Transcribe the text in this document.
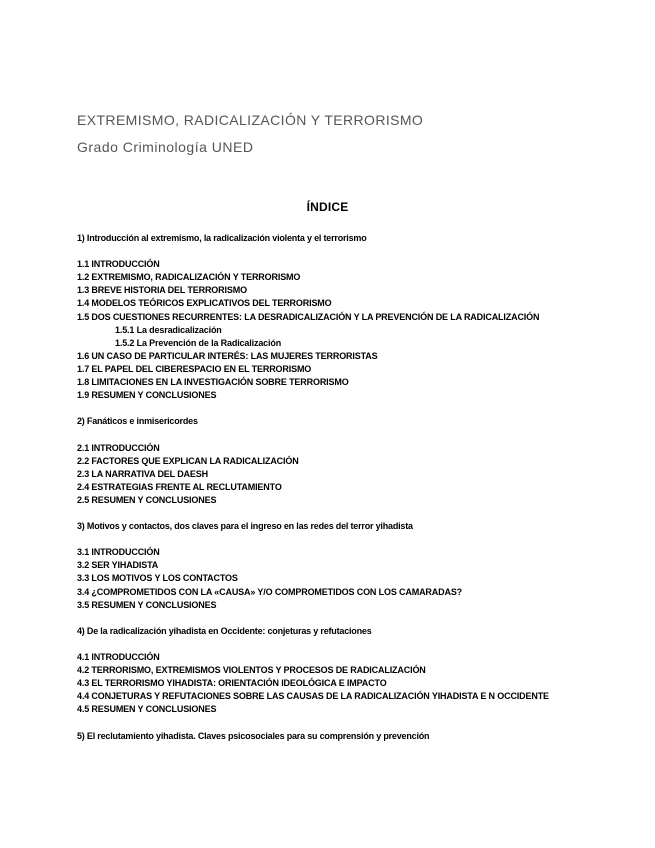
EXTREMISMO, RADICALIZACIÓN Y TERRORISMO
Grado Criminología UNED
ÍNDICE
1) Introducción al extremismo, la radicalización violenta y el terrorismo
1.1 INTRODUCCIÓN
1.2 EXTREMISMO, RADICALIZACIÓN Y TERRORISMO
1.3 BREVE HISTORIA DEL TERRORISMO
1.4 MODELOS TEÓRICOS EXPLICATIVOS DEL TERRORISMO
1.5 DOS CUESTIONES RECURRENTES: LA DESRADICALIZACIÓN Y LA PREVENCIÓN DE LA RADICALIZACIÓN
1.5.1 La desradicalización
1.5.2 La Prevención de la Radicalización
1.6 UN CASO DE PARTICULAR INTERÉS: LAS MUJERES TERRORISTAS
1.7 EL PAPEL DEL CIBERESPACIO EN EL TERRORISMO
1.8 LIMITACIONES EN LA INVESTIGACIÓN SOBRE TERRORISMO
1.9 RESUMEN Y CONCLUSIONES
2) Fanáticos e inmisericordes
2.1 INTRODUCCIÓN
2.2 FACTORES QUE EXPLICAN LA RADICALIZACIÓN
2.3 LA NARRATIVA DEL DAESH
2.4 ESTRATEGIAS FRENTE AL RECLUTAMIENTO
2.5 RESUMEN Y CONCLUSIONES
3) Motivos y contactos, dos claves para el ingreso en las redes del terror yihadista
3.1 INTRODUCCIÓN
3.2 SER YIHADISTA
3.3 LOS MOTIVOS Y LOS CONTACTOS
3.4 ¿COMPROMETIDOS CON LA «CAUSA» Y/O COMPROMETIDOS CON LOS CAMARADAS?
3.5 RESUMEN Y CONCLUSIONES
4) De la radicalización yihadista en Occidente: conjeturas y refutaciones
4.1 INTRODUCCIÓN
4.2 TERRORISMO, EXTREMISMOS VIOLENTOS Y PROCESOS DE RADICALIZACIÓN
4.3 EL TERRORISMO YIHADISTA: ORIENTACIÓN IDEOLÓGICA E IMPACTO
4.4 CONJETURAS Y REFUTACIONES SOBRE LAS CAUSAS DE LA RADICALIZACIÓN YIHADISTA E N OCCIDENTE
4.5 RESUMEN Y CONCLUSIONES
5) El reclutamiento yihadista. Claves psicosociales para su comprensión y prevención
